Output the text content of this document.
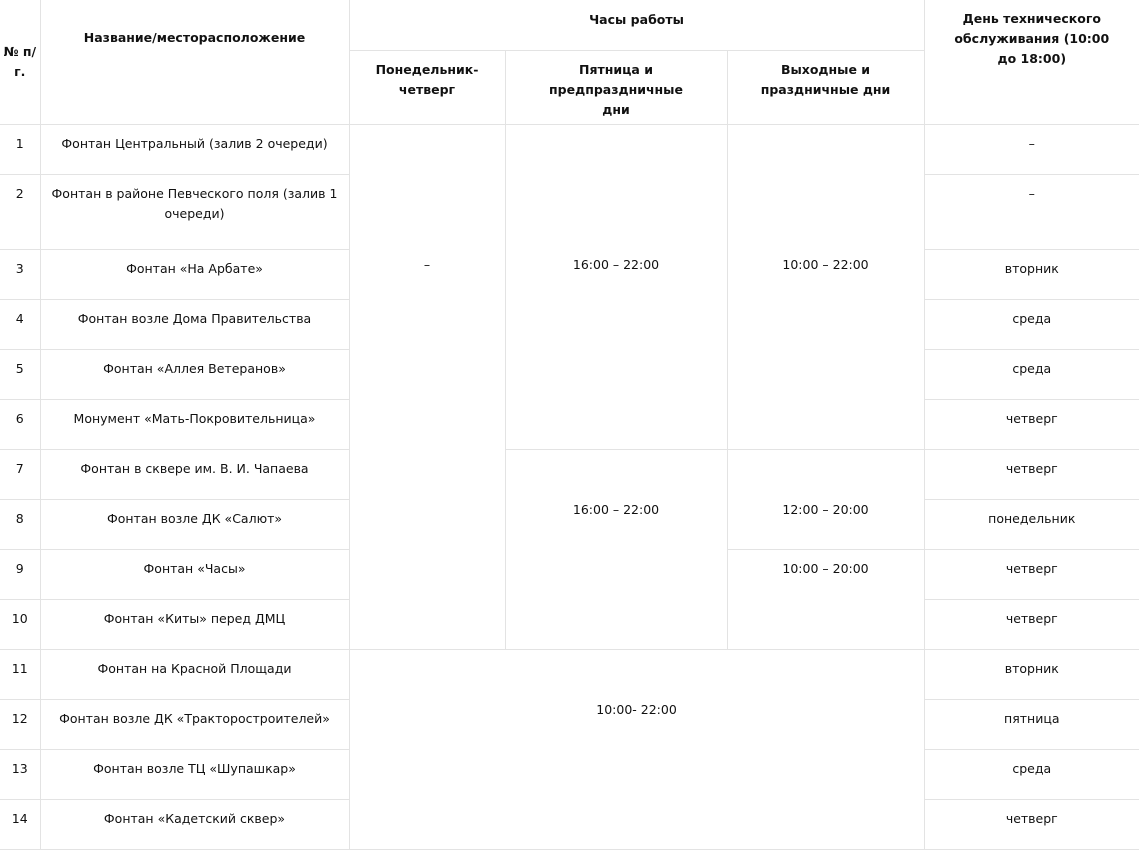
№ п/г.	Название/месторасположение	Часы работы			День технического обслуживания (10:00 до 18:00)
		Понедельник-четверг	Пятница и предпраздничные дни	Выходные и праздничные дни	
1	Фонтан Центральный (залив 2 очереди)	–	16:00 – 22:00	10:00 – 22:00	–
2	Фонтан в районе Певческого поля (залив 1 очереди)				–
3	Фонтан «На Арбате»				вторник
4	Фонтан возле Дома Правительства				среда
5	Фонтан «Аллея Ветеранов»				среда
6	Монумент «Мать-Покровительница»				четверг
7	Фонтан в сквере им. В. И. Чапаева		16:00 – 22:00	12:00 – 20:00	четверг
8	Фонтан возле ДК «Салют»				понедельник
9	Фонтан «Часы»			10:00 – 20:00	четверг
10	Фонтан «Киты» перед ДМЦ				четверг
11	Фонтан на Красной Площади	10:00- 22:00			вторник
12	Фонтан возле ДК «Тракторостроителей»				пятница
13	Фонтан возле ТЦ «Шупашкар»				среда
14	Фонтан «Кадетский сквер»				четверг
